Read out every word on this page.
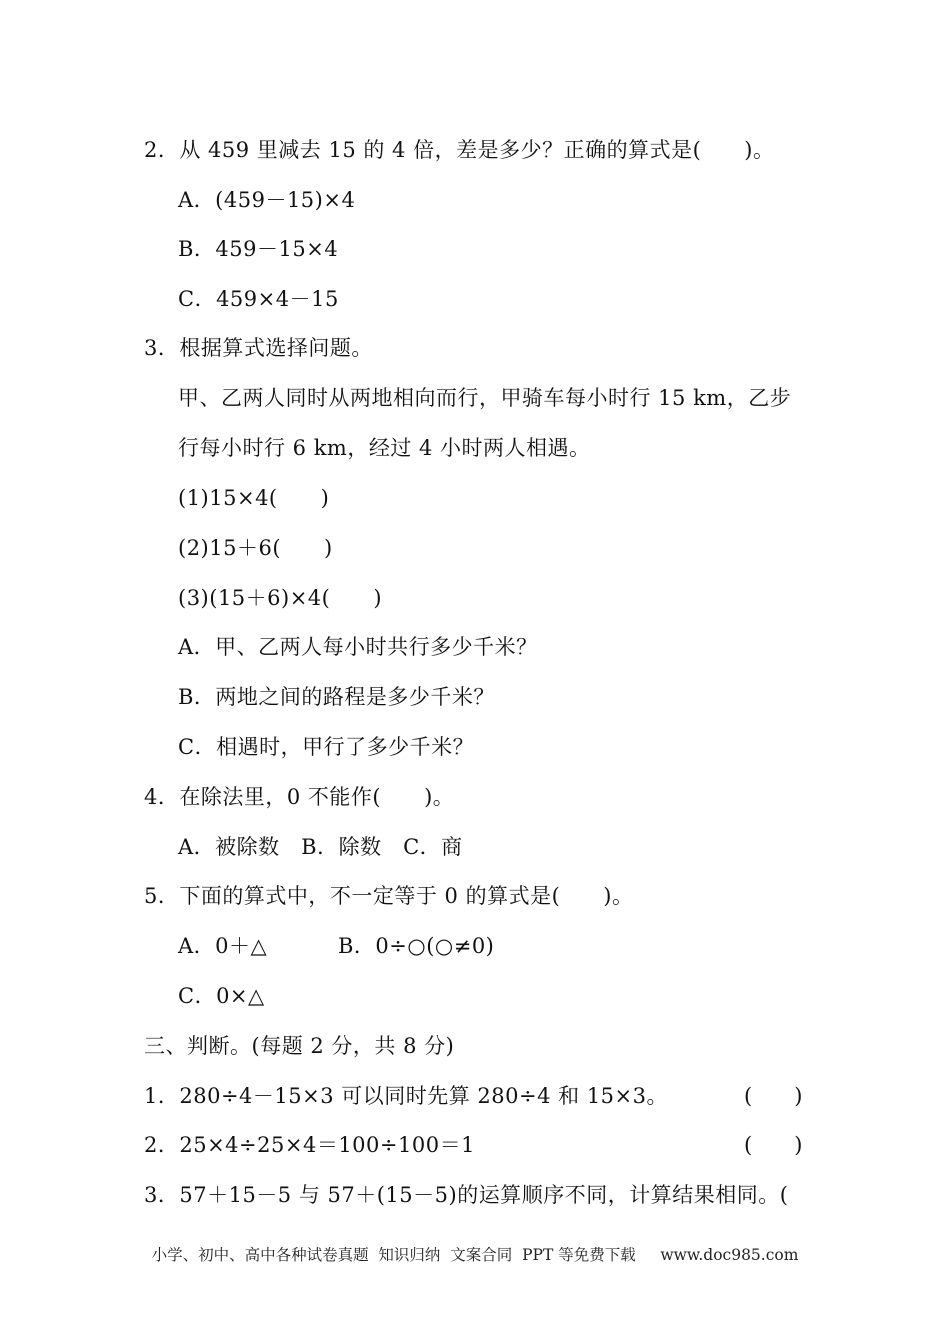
2．从 459 里减去 15 的 4 倍，差是多少？正确的算式是(　　)。
A．(459－15)×4
B．459－15×4
C．459×4－15
3．根据算式选择问题。
甲、乙两人同时从两地相向而行，甲骑车每小时行 15 km，乙步
行每小时行 6 km，经过 4 小时两人相遇。
(1)15×4(　　)
(2)15＋6(　　)
(3)(15＋6)×4(　　)
A．甲、乙两人每小时共行多少千米？
B．两地之间的路程是多少千米？
C．相遇时，甲行了多少千米？
4．在除法里，0 不能作(　　)。
A．被除数　B．除数　C．商
5．下面的算式中，不一定等于 0 的算式是(　　)。
A．0＋△	B．0÷○(○≠0)
C．0×△
三、判断。(每题 2 分，共 8 分)
1．280÷4－15×3 可以同时先算 280÷4 和 15×3。	(　　)
2．25×4÷25×4＝100÷100＝1	(　　)
3．57＋15－5 与 57＋(15－5)的运算顺序不同，计算结果相同。(
小学、初中、高中各种试卷真题  知识归纳  文案合同  PPT 等免费下载     www.doc985.com
